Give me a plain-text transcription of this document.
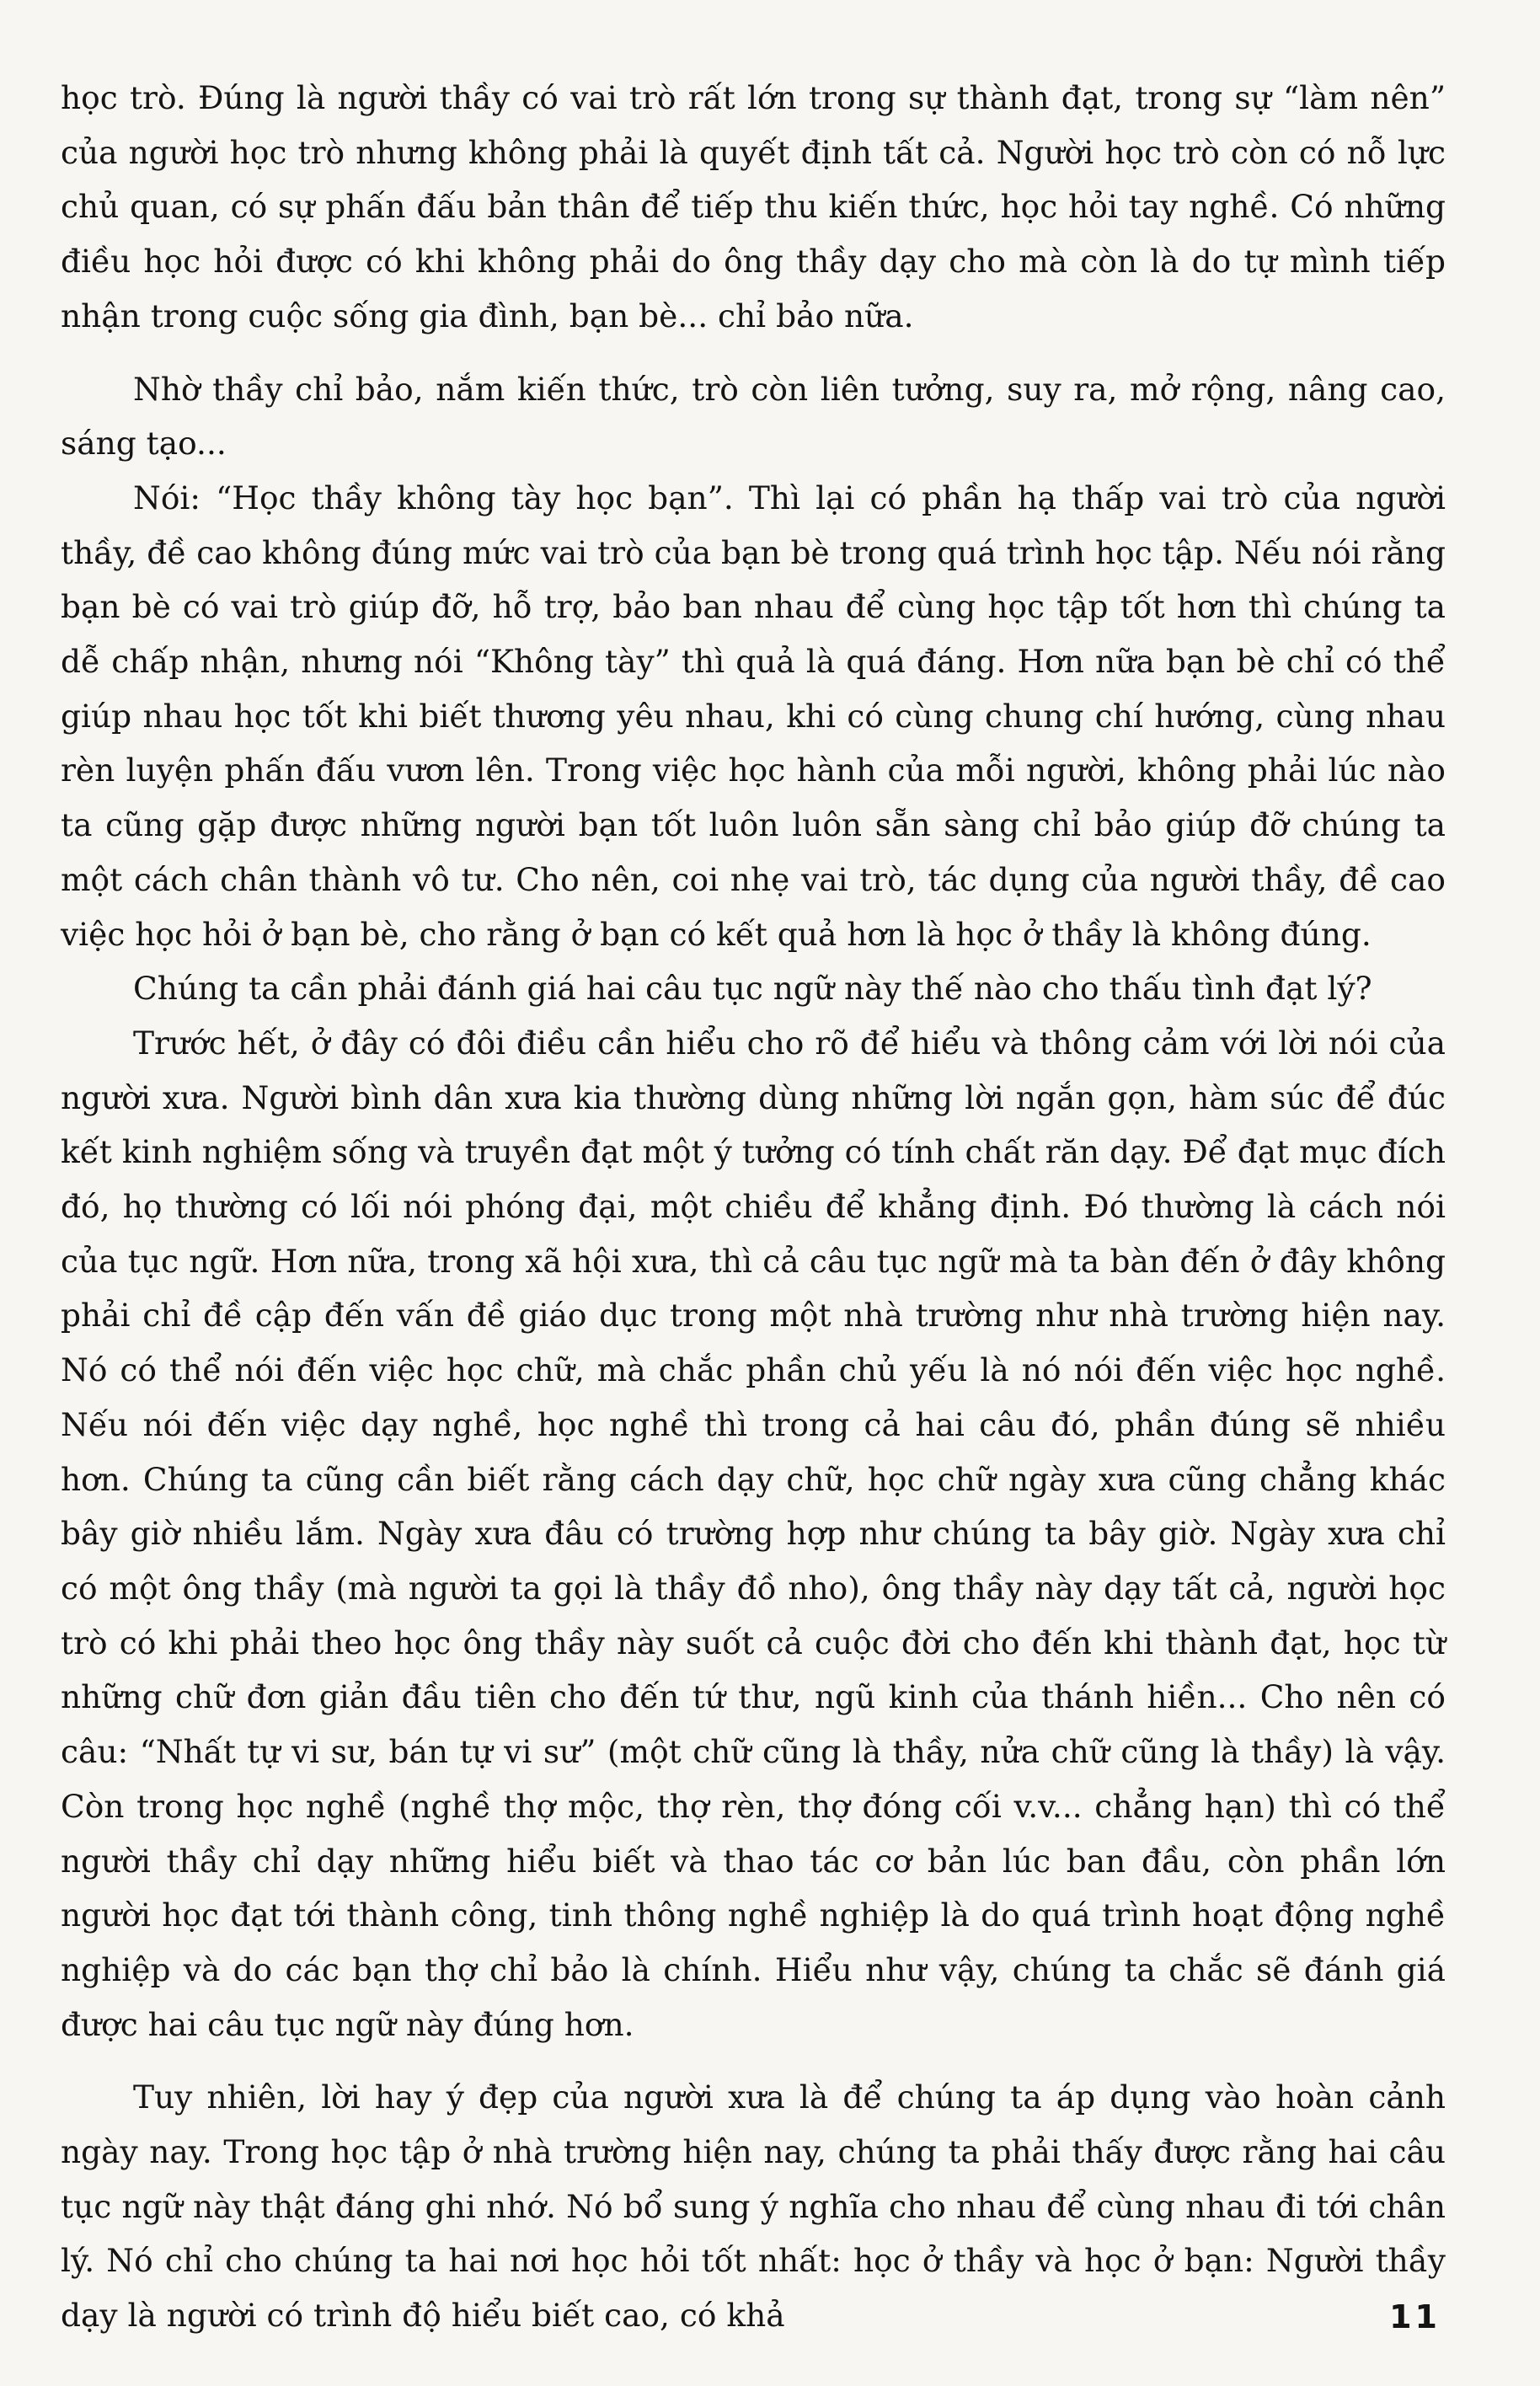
học trò. Đúng là người thầy có vai trò rất lớn trong sự thành đạt, trong sự “làm nên” của người học trò nhưng không phải là quyết định tất cả. Người học trò còn có nỗ lực chủ quan, có sự phấn đấu bản thân để tiếp thu kiến thức, học hỏi tay nghề. Có những điều học hỏi được có khi không phải do ông thầy dạy cho mà còn là do tự mình tiếp nhận trong cuộc sống gia đình, bạn bè... chỉ bảo nữa.

Nhờ thầy chỉ bảo, nắm kiến thức, trò còn liên tưởng, suy ra, mở rộng, nâng cao, sáng tạo...

Nói: “Học thầy không tày học bạn”. Thì lại có phần hạ thấp vai trò của người thầy, đề cao không đúng mức vai trò của bạn bè trong quá trình học tập. Nếu nói rằng bạn bè có vai trò giúp đỡ, hỗ trợ, bảo ban nhau để cùng học tập tốt hơn thì chúng ta dễ chấp nhận, nhưng nói “Không tày” thì quả là quá đáng. Hơn nữa bạn bè chỉ có thể giúp nhau học tốt khi biết thương yêu nhau, khi có cùng chung chí hướng, cùng nhau rèn luyện phấn đấu vươn lên. Trong việc học hành của mỗi người, không phải lúc nào ta cũng gặp được những người bạn tốt luôn luôn sẵn sàng chỉ bảo giúp đỡ chúng ta một cách chân thành vô tư. Cho nên, coi nhẹ vai trò, tác dụng của người thầy, đề cao việc học hỏi ở bạn bè, cho rằng ở bạn có kết quả hơn là học ở thầy là không đúng.

Chúng ta cần phải đánh giá hai câu tục ngữ này thế nào cho thấu tình đạt lý?

Trước hết, ở đây có đôi điều cần hiểu cho rõ để hiểu và thông cảm với lời nói của người xưa. Người bình dân xưa kia thường dùng những lời ngắn gọn, hàm súc để đúc kết kinh nghiệm sống và truyền đạt một ý tưởng có tính chất răn dạy. Để đạt mục đích đó, họ thường có lối nói phóng đại, một chiều để khẳng định. Đó thường là cách nói của tục ngữ. Hơn nữa, trong xã hội xưa, thì cả câu tục ngữ mà ta bàn đến ở đây không phải chỉ đề cập đến vấn đề giáo dục trong một nhà trường như nhà trường hiện nay. Nó có thể nói đến việc học chữ, mà chắc phần chủ yếu là nó nói đến việc học nghề. Nếu nói đến việc dạy nghề, học nghề thì trong cả hai câu đó, phần đúng sẽ nhiều hơn. Chúng ta cũng cần biết rằng cách dạy chữ, học chữ ngày xưa cũng chẳng khác bây giờ nhiều lắm. Ngày xưa đâu có trường hợp như chúng ta bây giờ. Ngày xưa chỉ có một ông thầy (mà người ta gọi là thầy đồ nho), ông thầy này dạy tất cả, người học trò có khi phải theo học ông thầy này suốt cả cuộc đời cho đến khi thành đạt, học từ những chữ đơn giản đầu tiên cho đến tứ thư, ngũ kinh của thánh hiền... Cho nên có câu: “Nhất tự vi sư, bán tự vi sư” (một chữ cũng là thầy, nửa chữ cũng là thầy) là vậy. Còn trong học nghề (nghề thợ mộc, thợ rèn, thợ đóng cối v.v... chẳng hạn) thì có thể người thầy chỉ dạy những hiểu biết và thao tác cơ bản lúc ban đầu, còn phần lớn người học đạt tới thành công, tinh thông nghề nghiệp là do quá trình hoạt động nghề nghiệp và do các bạn thợ chỉ bảo là chính. Hiểu như vậy, chúng ta chắc sẽ đánh giá được hai câu tục ngữ này đúng hơn.

Tuy nhiên, lời hay ý đẹp của người xưa là để chúng ta áp dụng vào hoàn cảnh ngày nay. Trong học tập ở nhà trường hiện nay, chúng ta phải thấy được rằng hai câu tục ngữ này thật đáng ghi nhớ. Nó bổ sung ý nghĩa cho nhau để cùng nhau đi tới chân lý. Nó chỉ cho chúng ta hai nơi học hỏi tốt nhất: học ở thầy và học ở bạn: Người thầy dạy là người có trình độ hiểu biết cao, có khả	11
